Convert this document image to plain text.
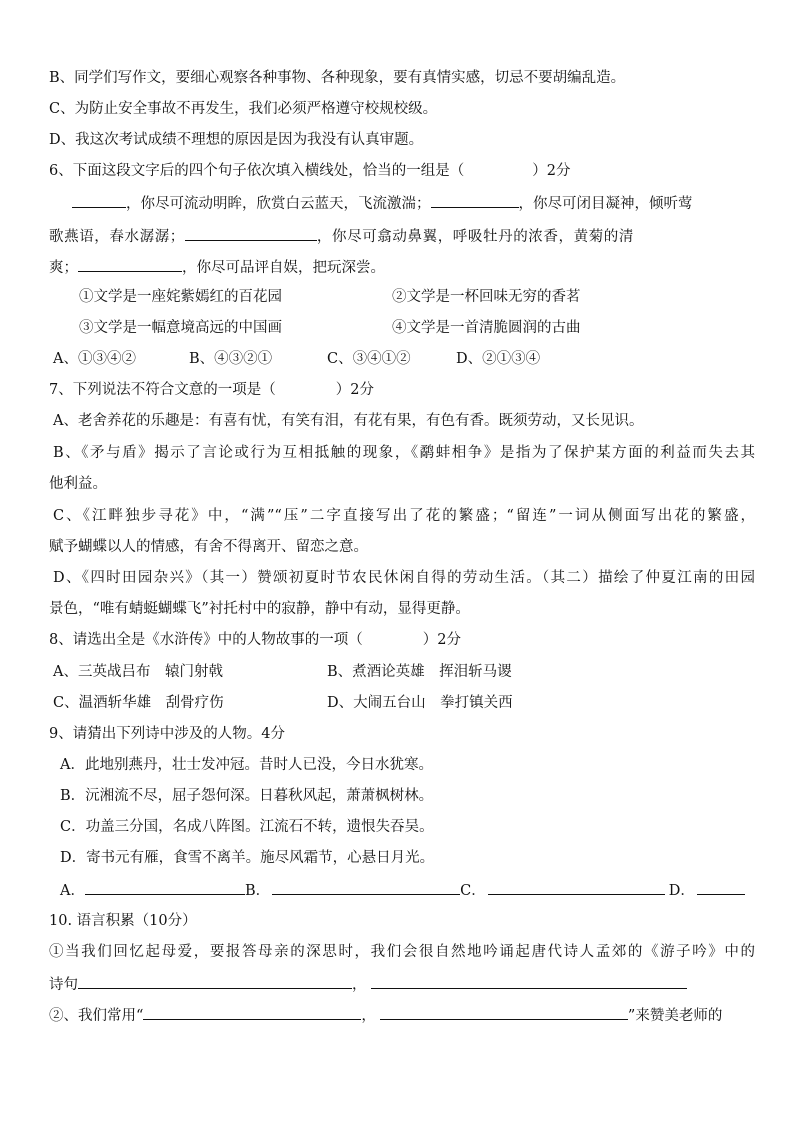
B、同学们写作文，要细心观察各种事物、各种现象，要有真情实感，切忌不要胡编乱造。
C、为防止安全事故不再发生，我们必须严格遵守校规校级。
D、我这次考试成绩不理想的原因是因为我没有认真审题。
6、下面这段文字后的四个句子依次填入横线处，恰当的一组是（	）2分
，你尽可流动明眸，欣赏白云蓝天，飞流激湍；	，你尽可闭目凝神，倾听莺
歌燕语，春水潺潺；	，你尽可翕动鼻翼，呼吸牡丹的浓香，黄菊的清
爽；	，你尽可品评自娱，把玩深尝。
①文学是一座姹紫嫣红的百花园	②文学是一杯回味无穷的香茗
③文学是一幅意境高远的中国画	④文学是一首清脆圆润的古曲
A、①③④②	B、④③②①	C、③④①②	D、②①③④
7、下列说法不符合文意的一项是（	）2分
A、老舍养花的乐趣是：有喜有忧，有笑有泪，有花有果，有色有香。既须劳动，又长见识。
B、《矛与盾》揭示了言论或行为互相抵触的现象，《鹬蚌相争》是指为了保护某方面的利益而失去其
他利益。
C、《江畔独步寻花》中，“满”“压”二字直接写出了花的繁盛；“留连”一词从侧面写出花的繁盛，
赋予蝴蝶以人的情感，有舍不得离开、留恋之意。
D、《四时田园杂兴》（其一）赞颂初夏时节农民休闲自得的劳动生活。（其二）描绘了仲夏江南的田园
景色，“唯有蜻蜓蝴蝶飞”衬托村中的寂静，静中有动，显得更静。
8、请选出全是《水浒传》中的人物故事的一项（	）2分
A、三英战吕布　辕门射戟	B、煮酒论英雄　挥泪斩马谡
C、温酒斩华雄　刮骨疗伤	D、大闹五台山　拳打镇关西
9、请猜出下列诗中涉及的人物。4分
A．此地别燕丹，壮士发冲冠。昔时人已没，今日水犹寒。
B．沅湘流不尽，屈子怨何深。日暮秋风起，萧萧枫树林。
C．功盖三分国，名成八阵图。江流石不转，遗恨失吞吴。
D．寄书元有雁，食雪不离羊。施尽风霜节，心悬日月光。
A．	B．	C．	D．
10. 语言积累（10分）
①当我们回忆起母爱，要报答母亲的深思时，我们会很自然地吟诵起唐代诗人孟郊的《游子吟》中的
诗句	，
②、我们常用“	，	”来赞美老师的
